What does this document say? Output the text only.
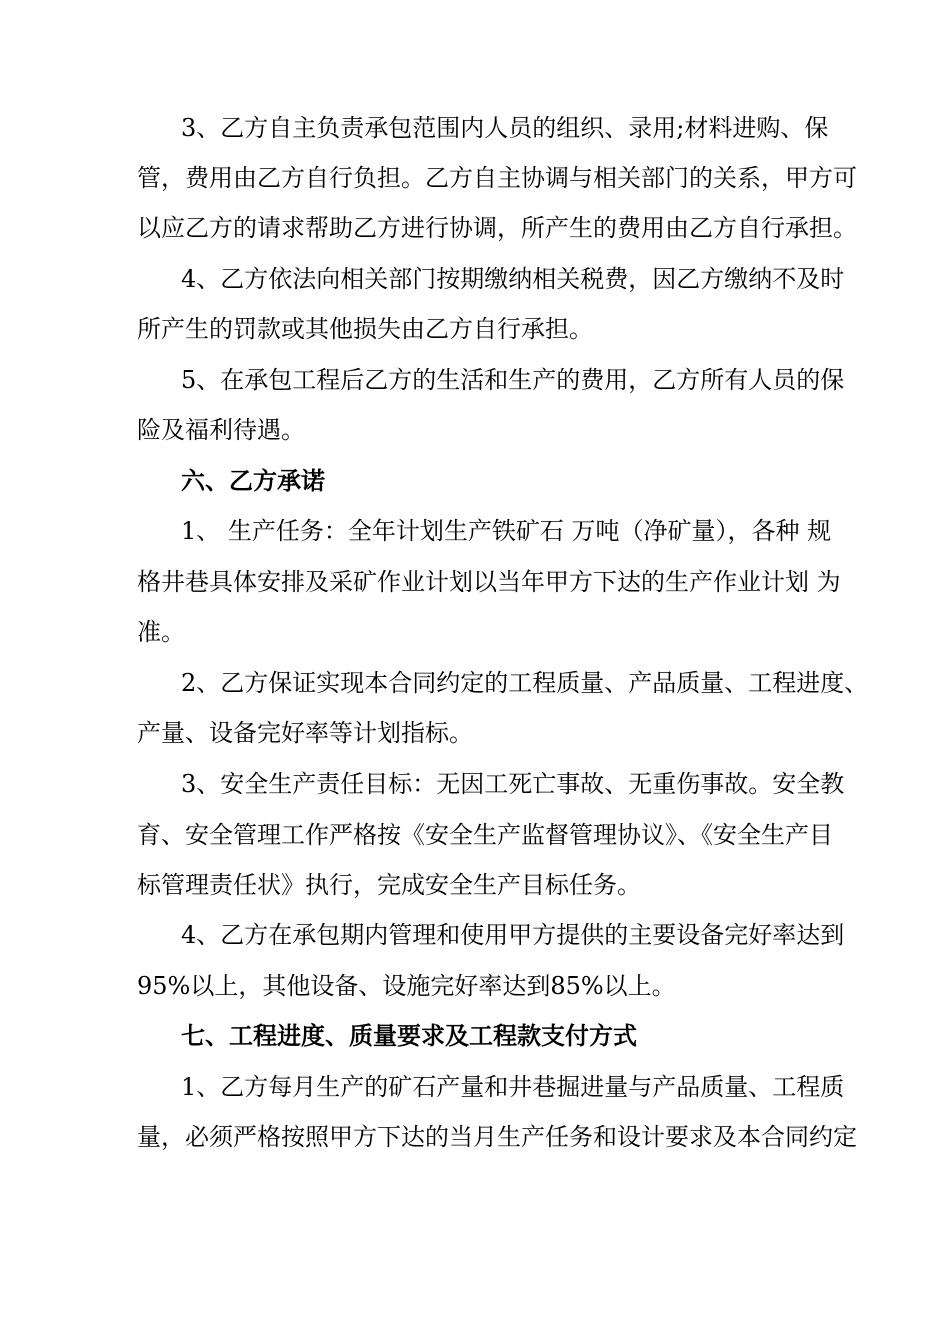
3、乙方自主负责承包范围内人员的组织、录用;材料进购、保
管，费用由乙方自行负担。乙方自主协调与相关部门的关系，甲方可
以应乙方的请求帮助乙方进行协调，所产生的费用由乙方自行承担。
4、乙方依法向相关部门按期缴纳相关税费，因乙方缴纳不及时
所产生的罚款或其他损失由乙方自行承担。
5、在承包工程后乙方的生活和生产的费用，乙方所有人员的保
险及福利待遇。
六、乙方承诺
1、 生产任务：全年计划生产铁矿石 万吨（净矿量），各种 规
格井巷具体安排及采矿作业计划以当年甲方下达的生产作业计划 为
准。
2、乙方保证实现本合同约定的工程质量、产品质量、工程进度、
产量、设备完好率等计划指标。
3、安全生产责任目标：无因工死亡事故、无重伤事故。安全教
育、安全管理工作严格按《安全生产监督管理协议》、《安全生产目
标管理责任状》执行，完成安全生产目标任务。
4、乙方在承包期内管理和使用甲方提供的主要设备完好率达到
95%以上，其他设备、设施完好率达到85%以上。
七、工程进度、质量要求及工程款支付方式
1、乙方每月生产的矿石产量和井巷掘进量与产品质量、工程质
量，必须严格按照甲方下达的当月生产任务和设计要求及本合同约定
